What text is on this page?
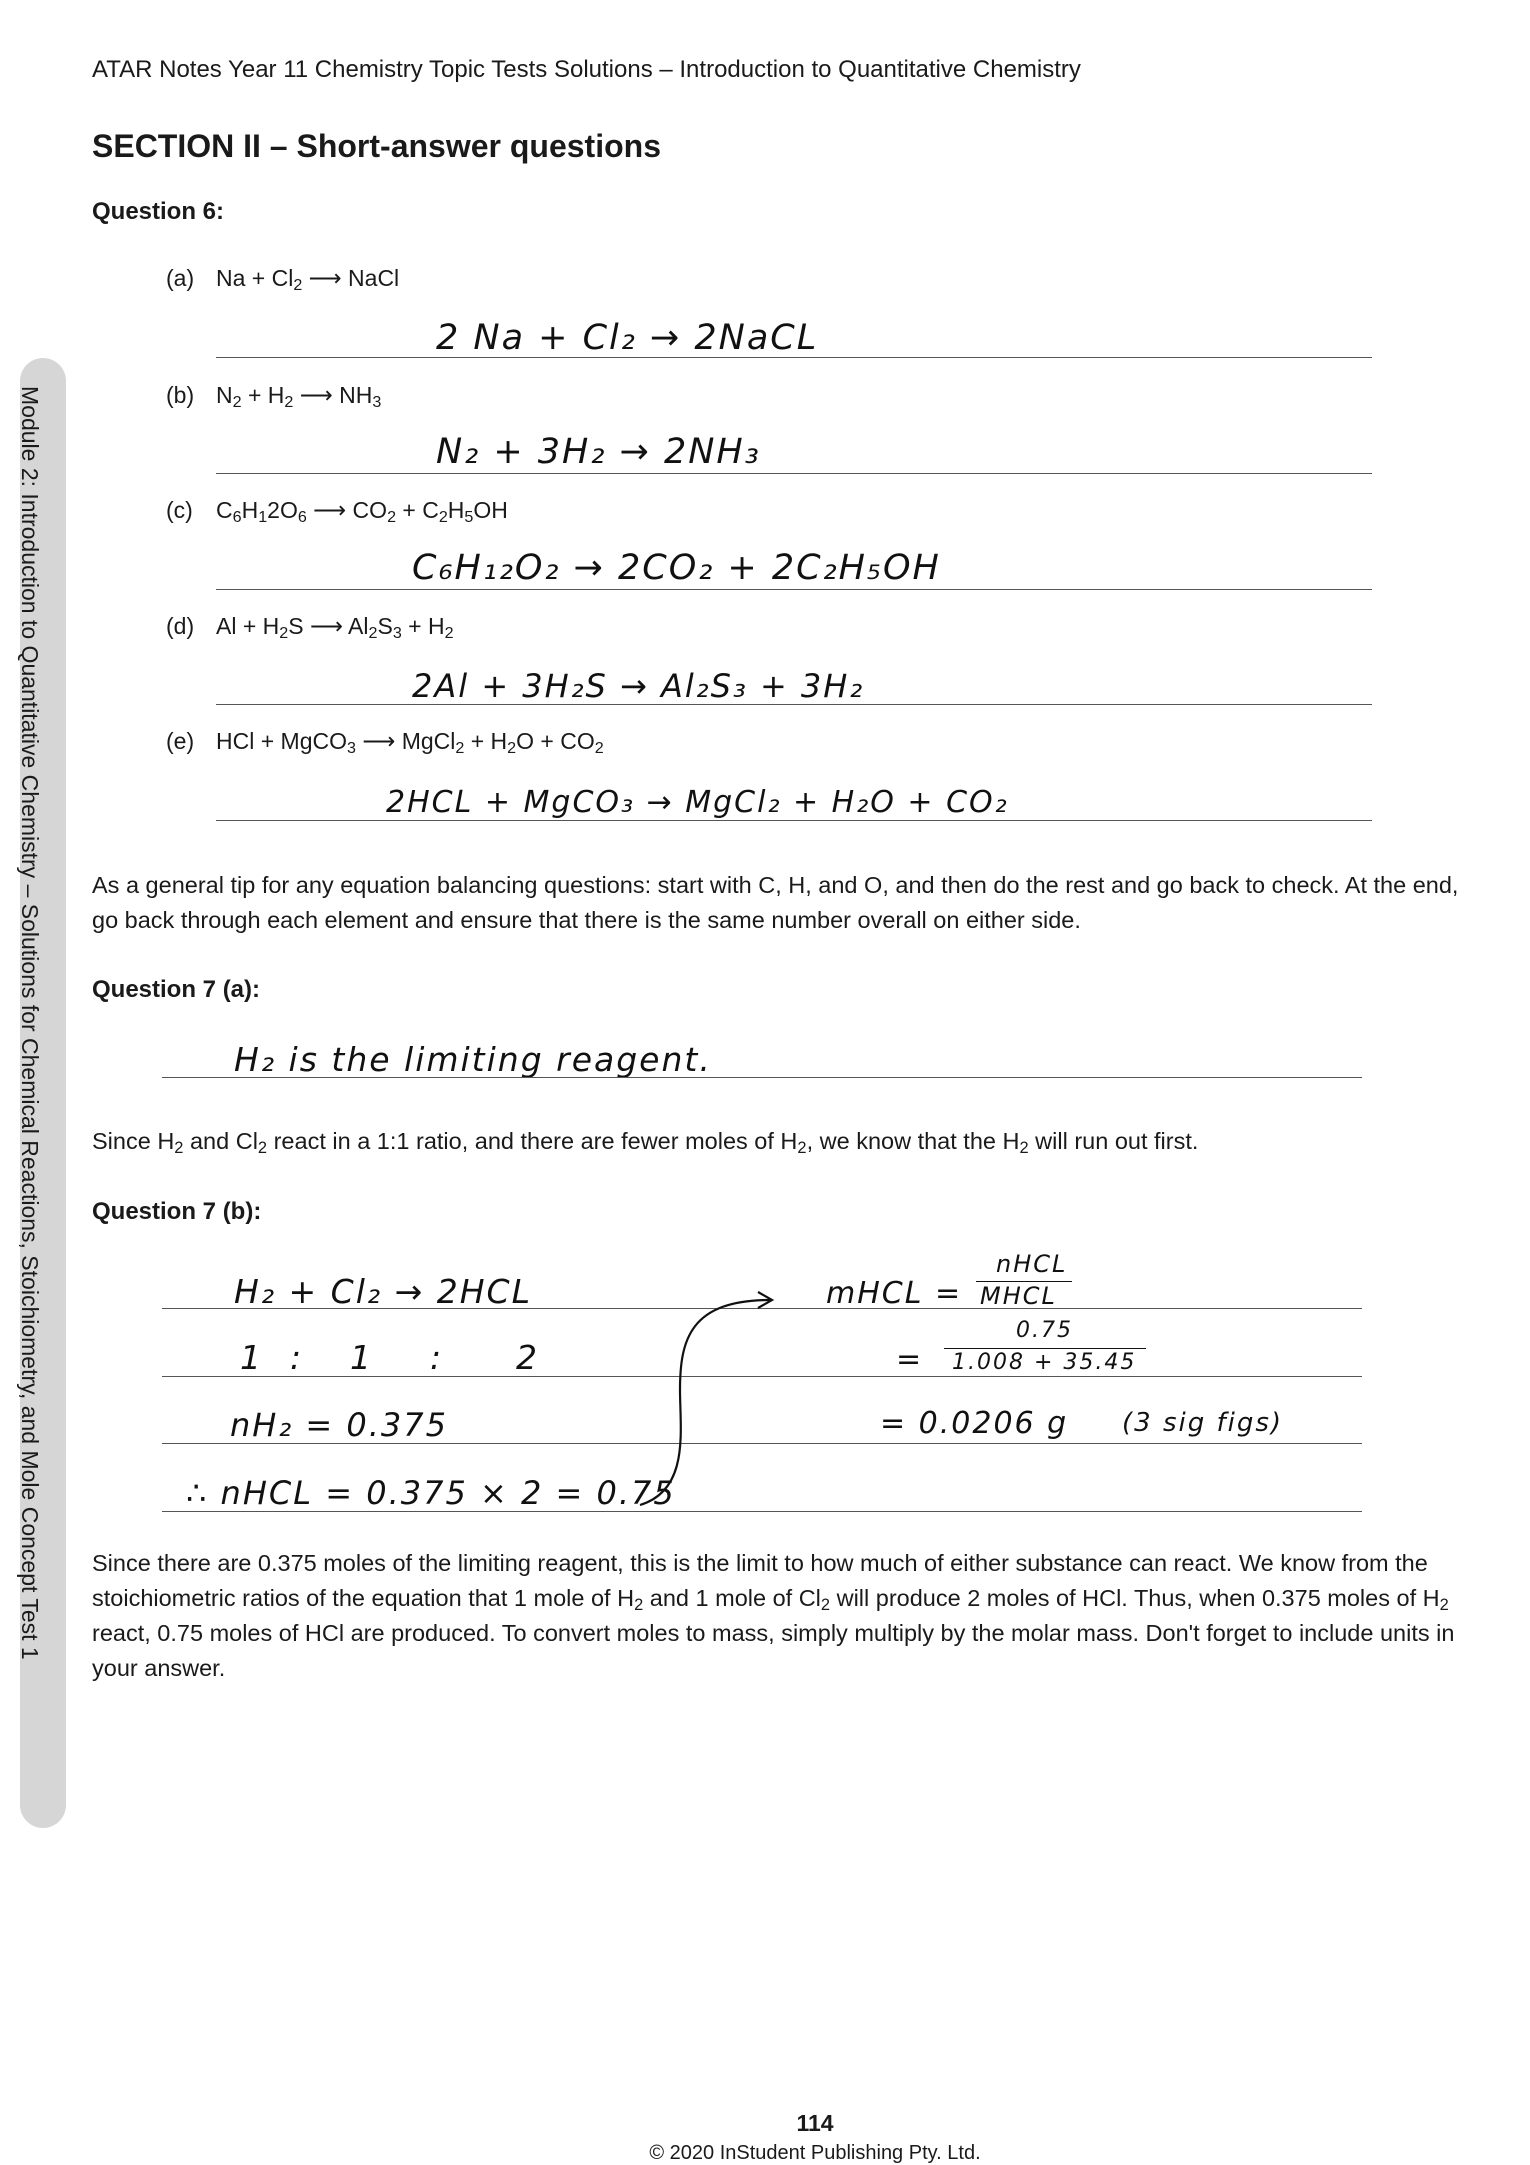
ATAR Notes Year 11 Chemistry Topic Tests Solutions – Introduction to Quantitative Chemistry
SECTION II – Short-answer questions
Module 2: Introduction to Quantitative Chemistry – Solutions for Chemical Reactions, Stoichiometry, and Mole Concept Test 1
Question 6:
(a) $Na + Cl_2$ ⟶ NaCl
2 Na + Cl₂ → 2NaCL
(b) $N_2 + H_2$ ⟶ $NH_3$
N₂ + 3H₂ → 2NH₃
(c) $C_6H_12O_6$ ⟶ $CO_2 + C_2H_5OH$
C₆H₁₂O₂ → 2CO₂ + 2C₂H₅OH
(d) $Al + H_2S$ ⟶ $Al_2S_3 + H_2$
2Al + 3H₂S → Al₂S₃ + 3H₂
(e) HCl + MgCO$_3$ ⟶ MgCl$_2$ + $H_2O + CO_2$
2HCL + MgCO₃ → MgCl₂ + H₂O + CO₂
As a general tip for any equation balancing questions: start with C, H, and O, and then do the rest and go back to check. At the end, go back through each element and ensure that there is the same number overall on either side.
Question 7 (a):
H₂ is the limiting reagent.
Since $H_2$ and $Cl_2$ react in a 1:1 ratio, and there are fewer moles of $H_2$, we know that the $H_2$ will run out first.
Question 7 (b):
H₂ + Cl₂ → 2HCL
1 : 1 : 2
nH₂ = 0.375
∴ nHCL = 0.375 × 2 = 0.75
mHCL =
nHCL
MHCL
=
0.75
1.008 + 35.45
= 0.0206 g (3 sig figs)
Since there are 0.375 moles of the limiting reagent, this is the limit to how much of either substance can react. We know from the stoichiometric ratios of the equation that 1 mole of $H_2$ and 1 mole of $Cl_2$ will produce 2 moles of HCl. Thus, when 0.375 moles of $H_2$ react, 0.75 moles of HCl are produced. To convert moles to mass, simply multiply by the molar mass. Don't forget to include units in your answer.
114
© 2020 InStudent Publishing Pty. Ltd.
